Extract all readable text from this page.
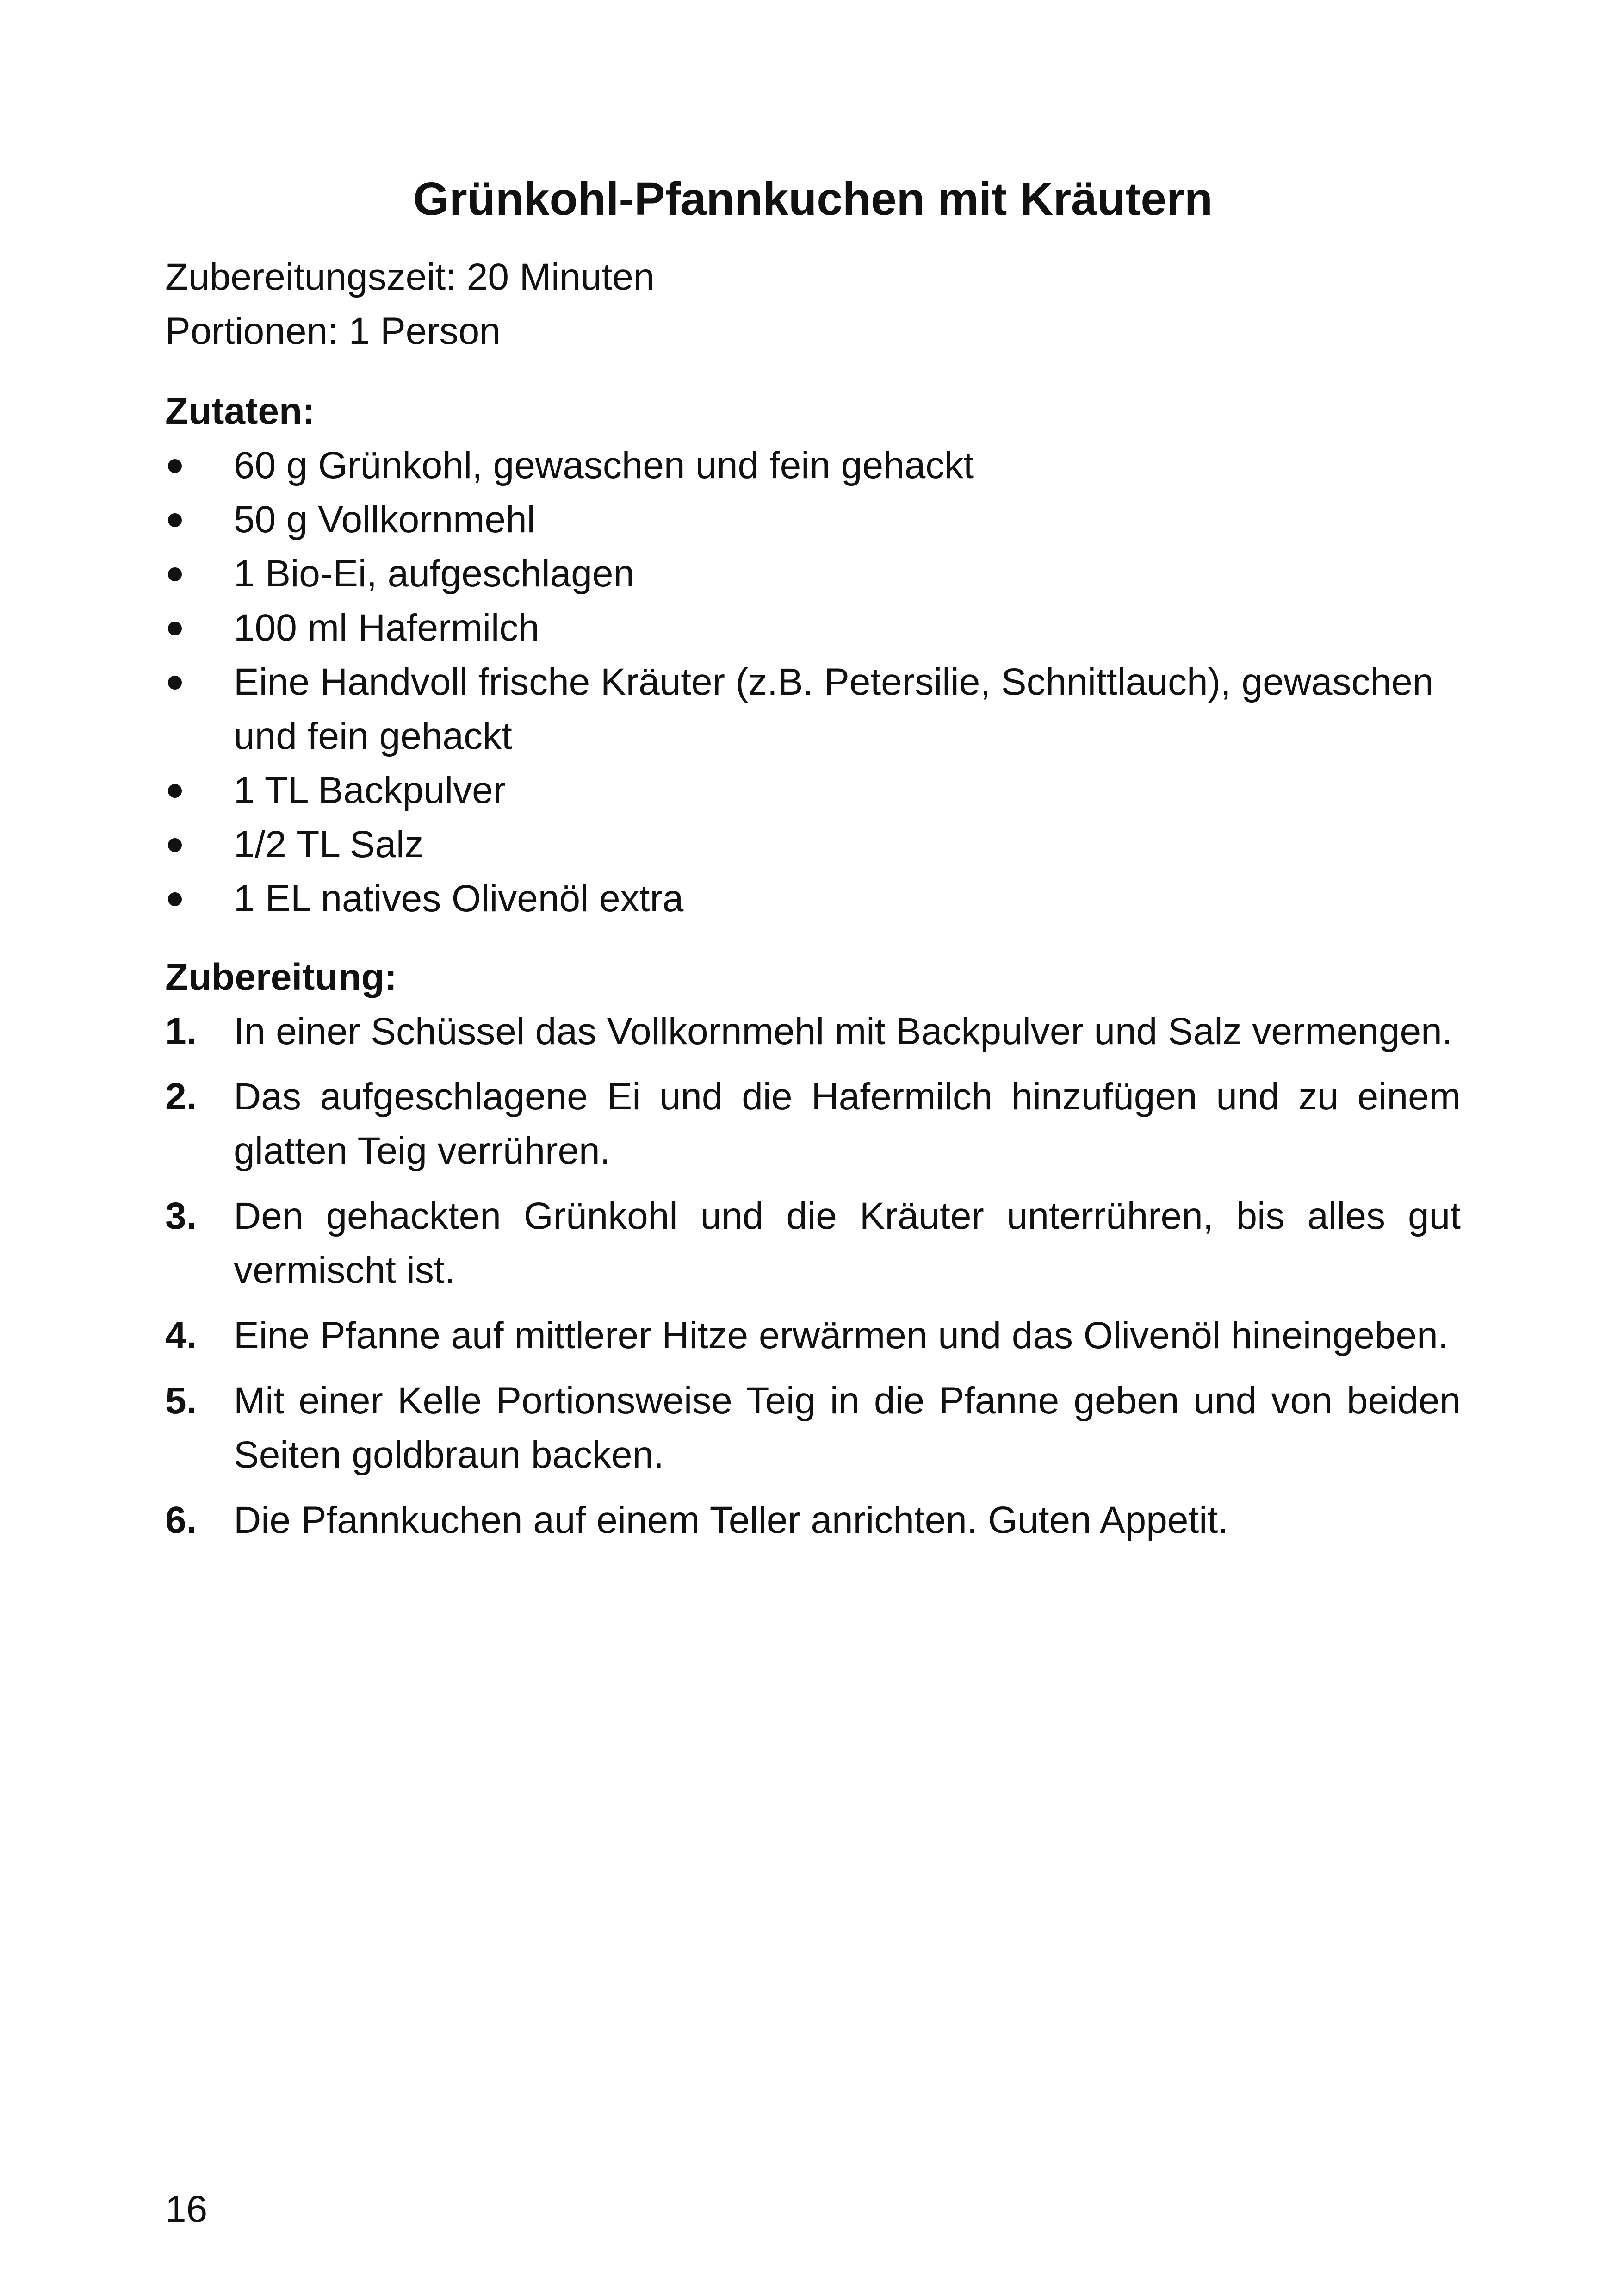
Grünkohl-Pfannkuchen mit Kräutern
Zubereitungszeit: 20 Minuten
Portionen: 1 Person
Zutaten:
60 g Grünkohl, gewaschen und fein gehackt
50 g Vollkornmehl
1 Bio-Ei, aufgeschlagen
100 ml Hafermilch
Eine Handvoll frische Kräuter (z.B. Petersilie, Schnittlauch), gewaschen und fein gehackt
1 TL Backpulver
1/2 TL Salz
1 EL natives Olivenöl extra
Zubereitung:
1. In einer Schüssel das Vollkornmehl mit Backpulver und Salz vermengen.
2. Das aufgeschlagene Ei und die Hafermilch hinzufügen und zu einem glatten Teig verrühren.
3. Den gehackten Grünkohl und die Kräuter unterrühren, bis alles gut vermischt ist.
4. Eine Pfanne auf mittlerer Hitze erwärmen und das Olivenöl hineingeben.
5. Mit einer Kelle Portionsweise Teig in die Pfanne geben und von beiden Seiten goldbraun backen.
6. Die Pfannkuchen auf einem Teller anrichten. Guten Appetit.
16
